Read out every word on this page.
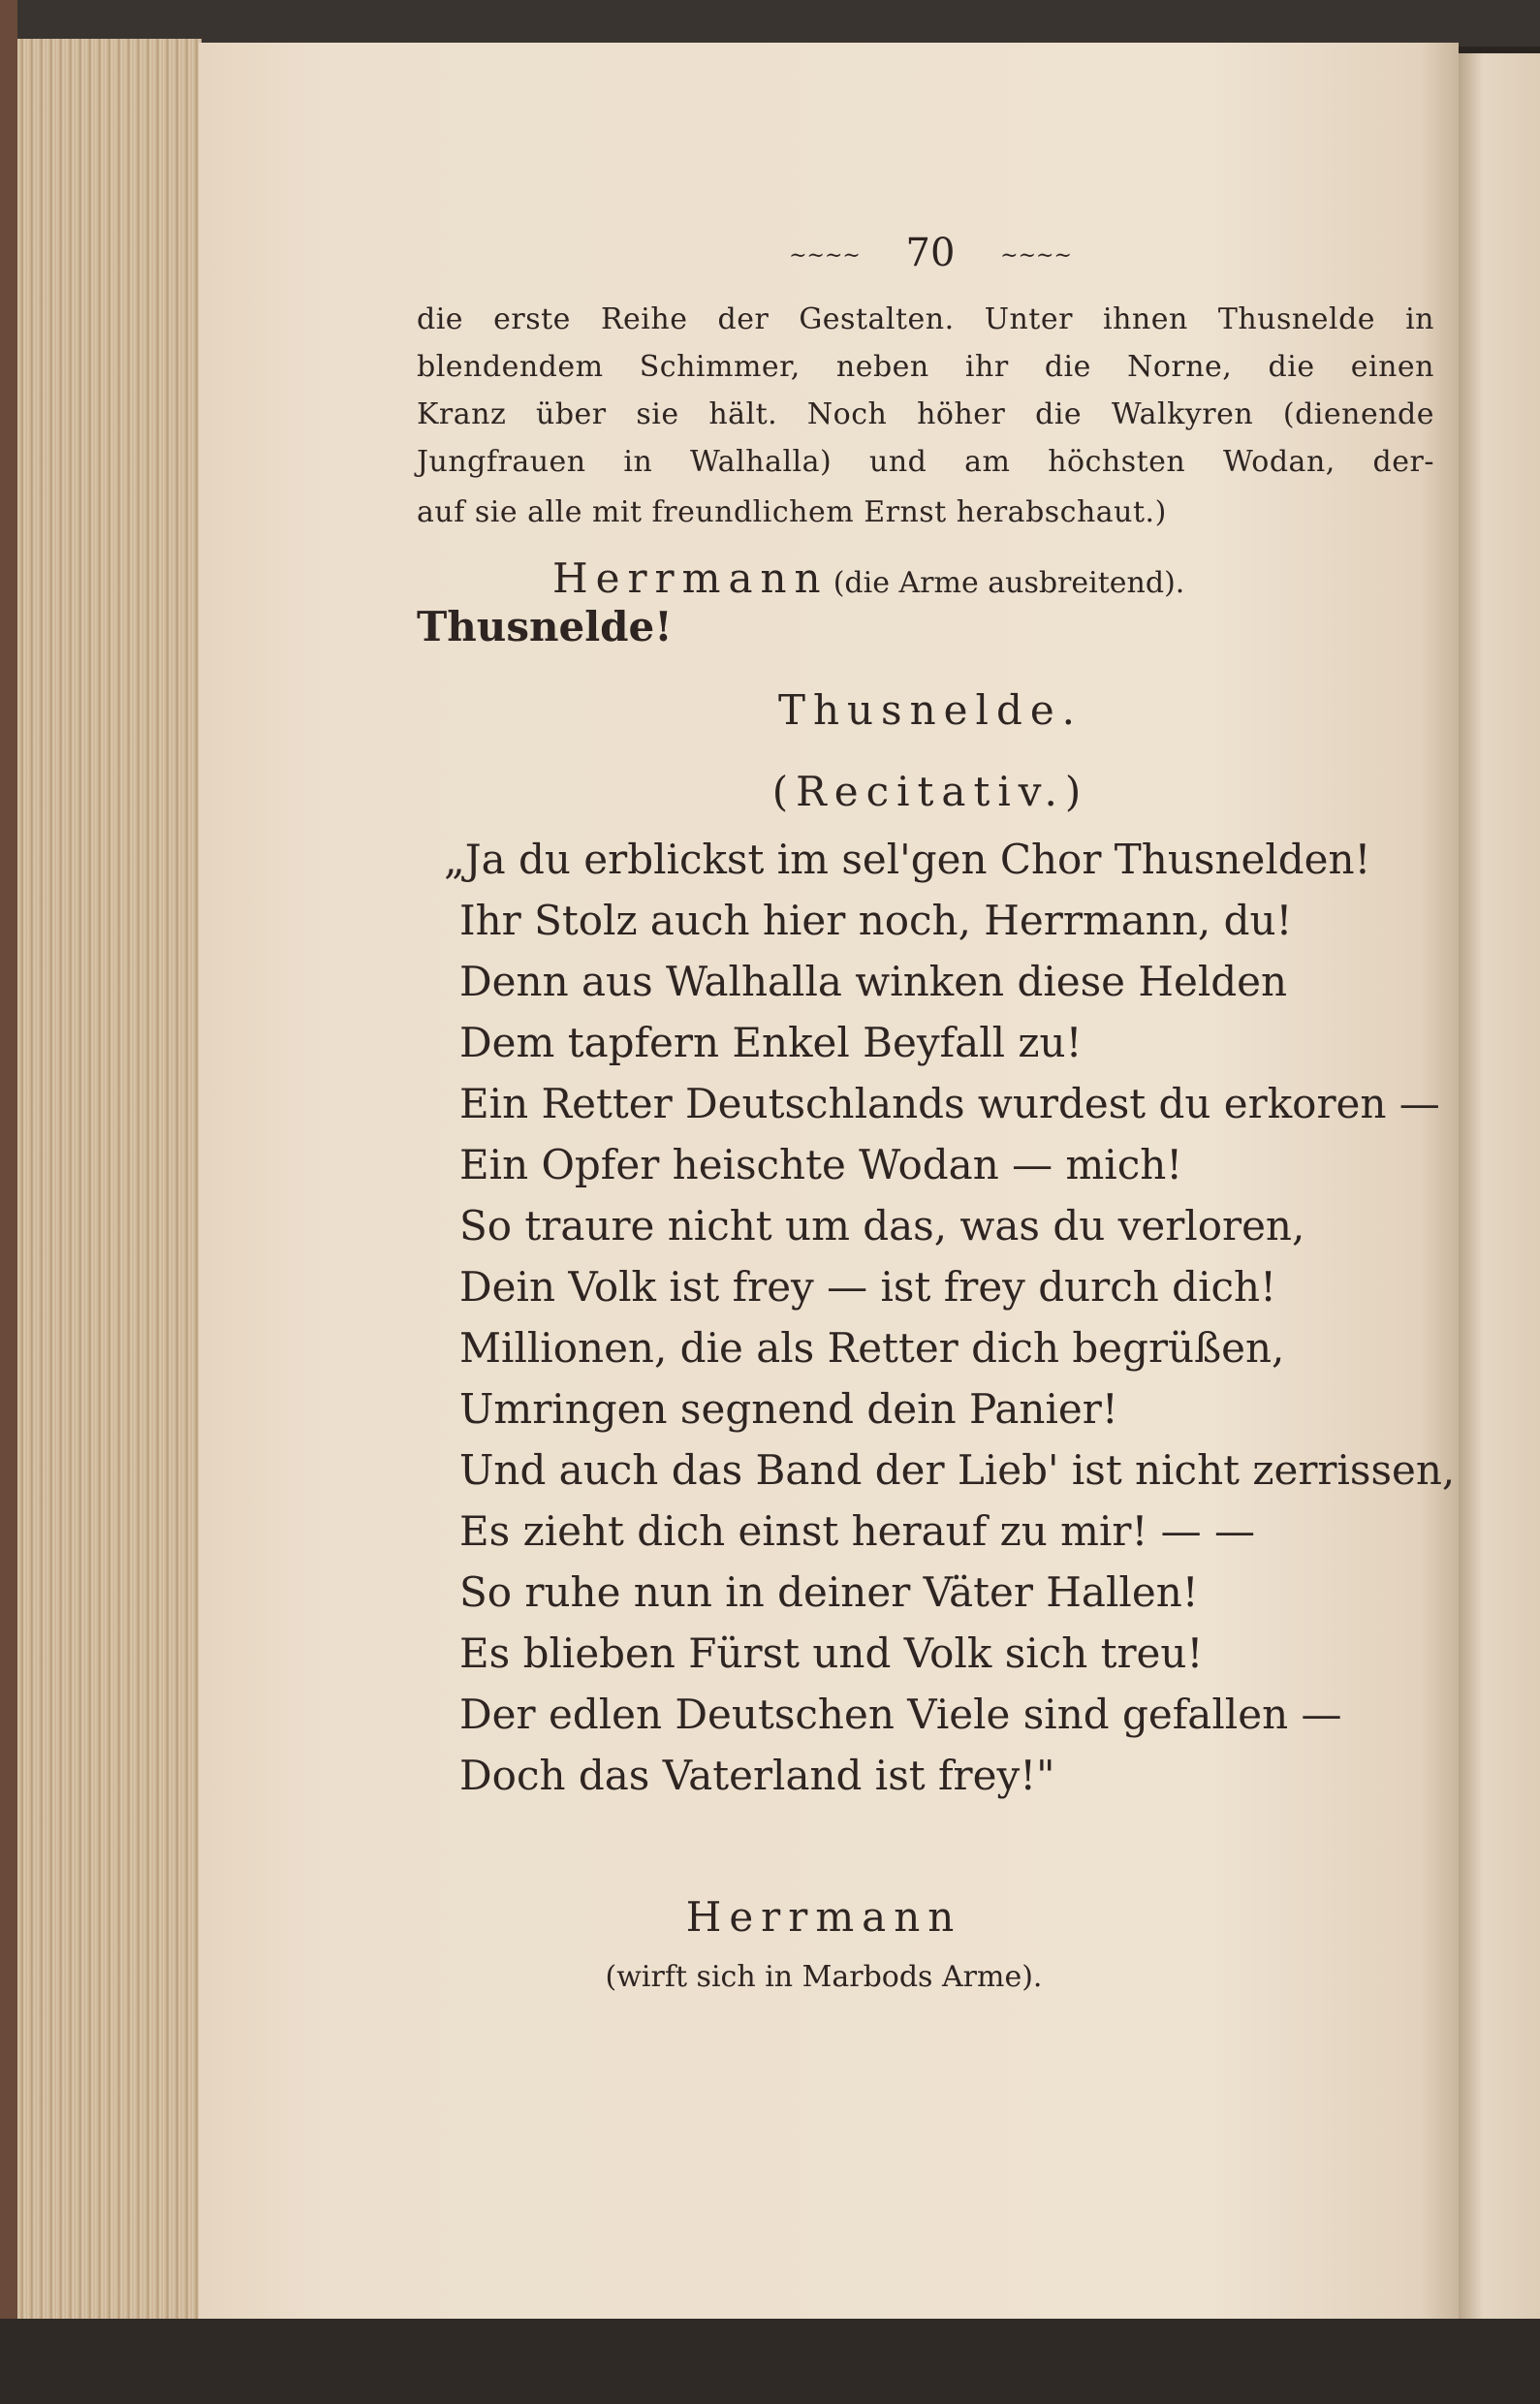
~~~~ 70 ~~~~
die erste Reihe der Gestalten. Unter ihnen Thusnelde in
blendendem Schimmer, neben ihr die Norne, die einen
Kranz über sie hält. Noch höher die Walkyren (dienende
Jungfrauen in Walhalla) und am höchsten Wodan, der-
auf sie alle mit freundlichem Ernst herabschaut.)
Herrmann (die Arme ausbreitend).
Thusnelde!
Thusnelde.
(Recitativ.)
„Ja du erblickst im sel'gen Chor Thusnelden!
Ihr Stolz auch hier noch, Herrmann, du!
Denn aus Walhalla winken diese Helden
Dem tapfern Enkel Beyfall zu!
Ein Retter Deutschlands wurdest du erkoren —
Ein Opfer heischte Wodan — mich!
So traure nicht um das, was du verloren,
Dein Volk ist frey — ist frey durch dich!
Millionen, die als Retter dich begrüßen,
Umringen segnend dein Panier!
Und auch das Band der Lieb' ist nicht zerrissen,
Es zieht dich einst herauf zu mir! — —
So ruhe nun in deiner Väter Hallen!
Es blieben Fürst und Volk sich treu!
Der edlen Deutschen Viele sind gefallen —
Doch das Vaterland ist frey!"
Herrmann
(wirft sich in Marbods Arme).
